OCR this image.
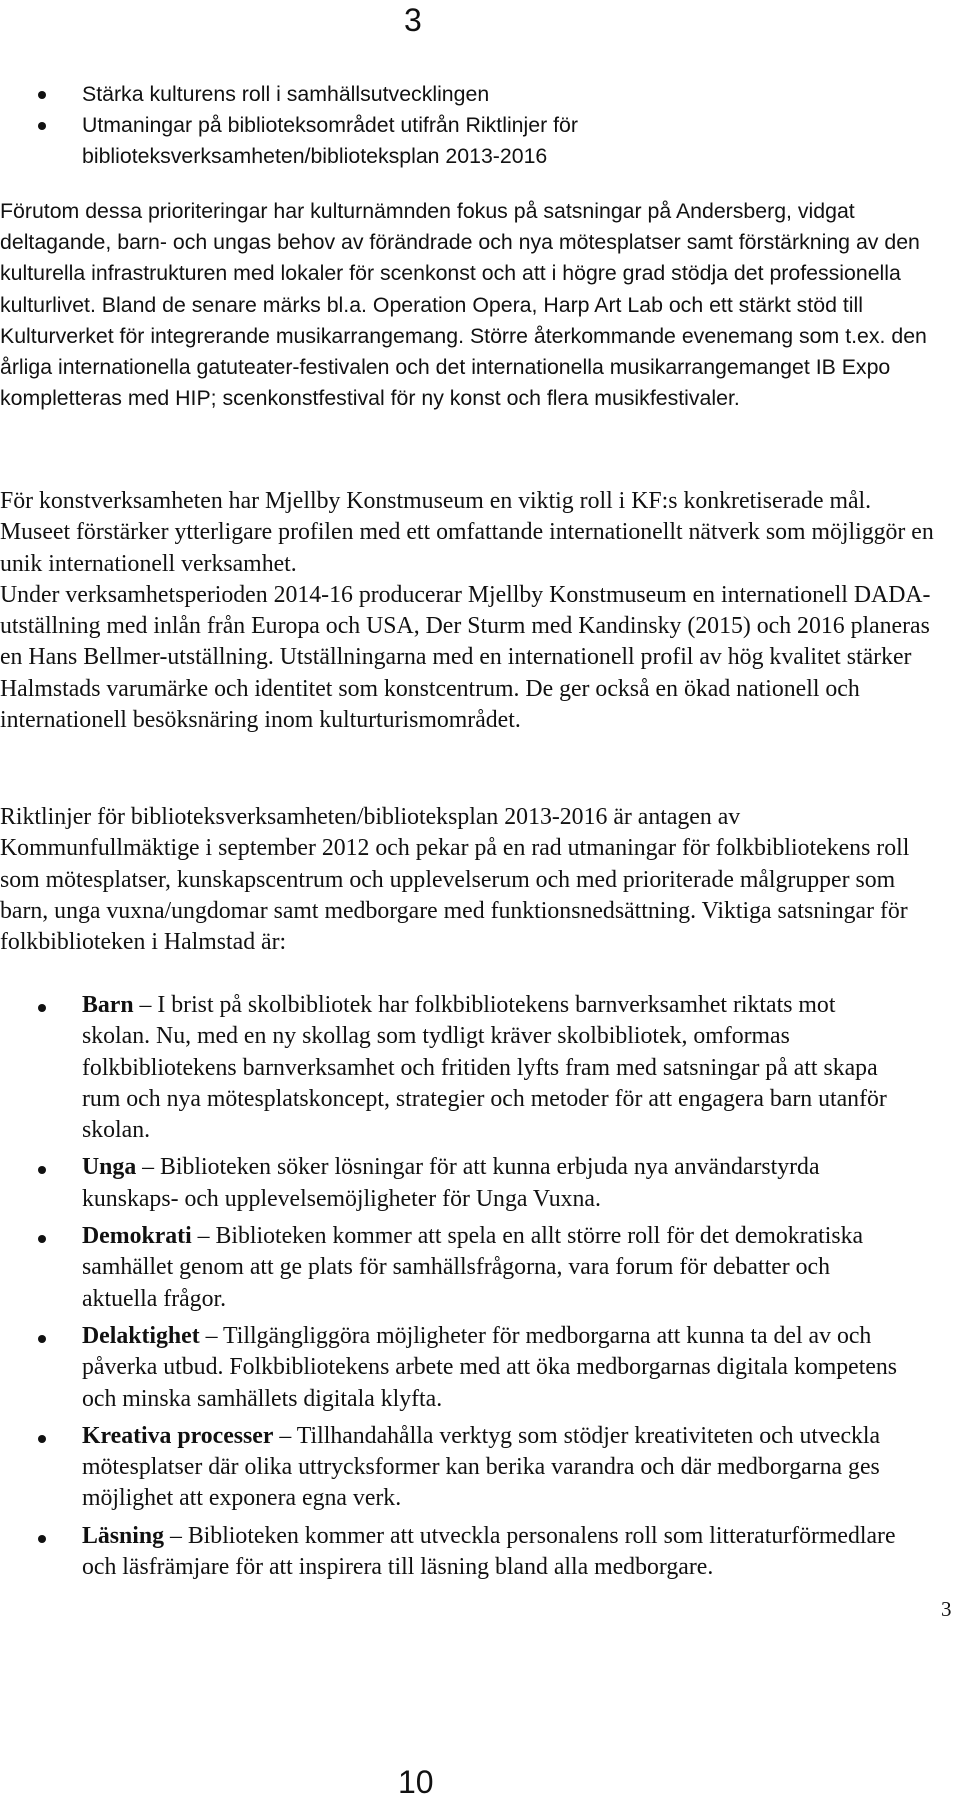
3
Stärka kulturens roll i samhällsutvecklingen
Utmaningar på biblioteksområdet utifrån Riktlinjer för biblioteksverksamheten/biblioteksplan 2013-2016

Förutom dessa prioriteringar har kulturnämnden fokus på satsningar på Andersberg, vidgat deltagande, barn- och ungas behov av förändrade och nya mötesplatser samt förstärkning av den kulturella infrastrukturen med lokaler för scenkonst och att i högre grad stödja det professionella kulturlivet. Bland de senare märks bl.a. Operation Opera, Harp Art Lab och ett stärkt stöd till Kulturverket för integrerande musikarrangemang. Större återkommande evenemang som t.ex. den årliga internationella gatuteater-festivalen och det internationella musikarrangemanget IB Expo kompletteras med HIP; scenkonstfestival för ny konst och flera musikfestivaler.

För konstverksamheten har Mjellby Konstmuseum en viktig roll i KF:s konkretiserade mål. Museet förstärker ytterligare profilen med ett omfattande internationellt nätverk som möjliggör en unik internationell verksamhet.

Under verksamhetsperioden 2014-16 producerar Mjellby Konstmuseum en internationell DADA-utställning med inlån från Europa och USA, Der Sturm med Kandinsky (2015) och 2016 planeras en Hans Bellmer-utställning. Utställningarna med en internationell profil av hög kvalitet stärker Halmstads varumärke och identitet som konstcentrum. De ger också en ökad nationell och internationell besöksnäring inom kulturturismområdet.

Riktlinjer för biblioteksverksamheten/biblioteksplan 2013-2016 är antagen av Kommunfullmäktige i september 2012 och pekar på en rad utmaningar för folkbibliotekens roll som mötesplatser, kunskapscentrum och upplevelserum och med prioriterade målgrupper som barn, unga vuxna/ungdomar samt medborgare med funktionsnedsättning. Viktiga satsningar för folkbiblioteken i Halmstad är:

Barn – I brist på skolbibliotek har folkbibliotekens barnverksamhet riktats mot skolan. Nu, med en ny skollag som tydligt kräver skolbibliotek, omformas folkbibliotekens barnverksamhet och fritiden lyfts fram med satsningar på att skapa rum och nya mötesplatskoncept, strategier och metoder för att engagera barn utanför skolan.
Unga – Biblioteken söker lösningar för att kunna erbjuda nya användarstyrda kunskaps- och upplevelsemöjligheter för Unga Vuxna.
Demokrati – Biblioteken kommer att spela en allt större roll för det demokratiska samhället genom att ge plats för samhällsfrågorna, vara forum för debatter och aktuella frågor.
Delaktighet – Tillgängliggöra möjligheter för medborgarna att kunna ta del av och påverka utbud. Folkbibliotekens arbete med att öka medborgarnas digitala kompetens och minska samhällets digitala klyfta.
Kreativa processer – Tillhandahålla verktyg som stödjer kreativiteten och utveckla mötesplatser där olika uttrycksformer kan berika varandra och där medborgarna ges möjlighet att exponera egna verk.
Läsning – Biblioteken kommer att utveckla personalens roll som litteraturförmedlare och läsfrämjare för att inspirera till läsning bland alla medborgare.
3
10
